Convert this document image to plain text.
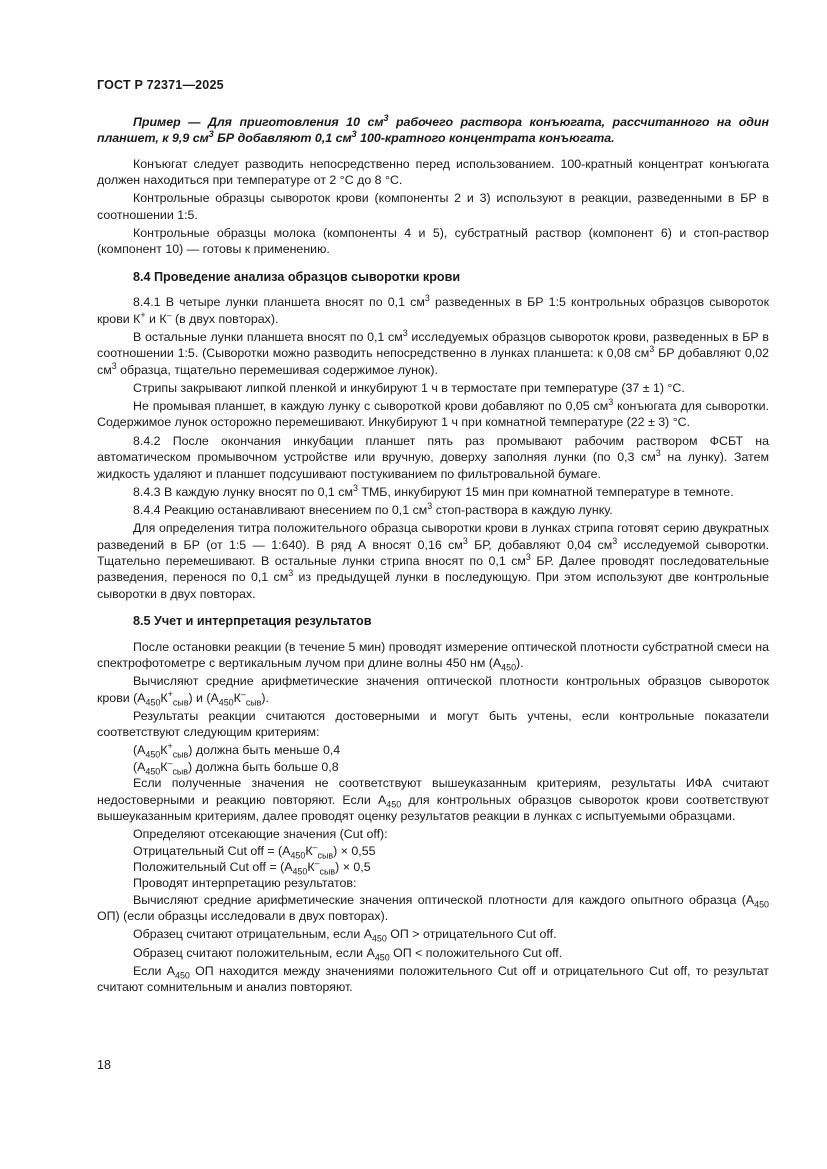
ГОСТ Р 72371—2025

Пример — Для приготовления 10 $см^3$ рабочего раствора конъюгата, рассчитанного на один планшет, к 9,9 $см^3$ БР добавляют 0,1 $см^3$ 100-кратного концентрата конъюгата.

Конъюгат следует разводить непосредственно перед использованием. 100-кратный концентрат конъюгата должен находиться при температуре от 2 °С до 8 °С.

Контрольные образцы сывороток крови (компоненты 2 и 3) используют в реакции, разведенными в БР в соотношении 1:5.

Контрольные образцы молока (компоненты 4 и 5), субстратный раствор (компонент 6) и стоп-раствор (компонент 10) — готовы к применению.

8.4 Проведение анализа образцов сыворотки крови

8.4.1 В четыре лунки планшета вносят по 0,1 $см^3$ разведенных в БР 1:5 контрольных образцов сывороток крови К+ и К– (в двух повторах).

В остальные лунки планшета вносят по 0,1 $см^3$ исследуемых образцов сывороток крови, разведенных в БР в соотношении 1:5. (Сыворотки можно разводить непосредственно в лунках планшета: к 0,08 $см^3$ БР добавляют 0,02 $см^3$ образца, тщательно перемешивая содержимое лунок).

Стрипы закрывают липкой пленкой и инкубируют 1 ч в термостате при температуре (37 ± 1) °С.

Не промывая планшет, в каждую лунку с сывороткой крови добавляют по 0,05 $см^3$ конъюгата для сыворотки. Содержимое лунок осторожно перемешивают. Инкубируют 1 ч при комнатной температуре (22 ± 3) °С.

8.4.2 После окончания инкубации планшет пять раз промывают рабочим раствором ФСБТ на автоматическом промывочном устройстве или вручную, доверху заполняя лунки (по 0,3 $см^3$ на лунку). Затем жидкость удаляют и планшет подсушивают постукиванием по фильтровальной бумаге.

8.4.3 В каждую лунку вносят по 0,1 $см^3$ ТМБ, инкубируют 15 мин при комнатной температуре в темноте.

8.4.4 Реакцию останавливают внесением по 0,1 $см^3$ стоп-раствора в каждую лунку.

Для определения титра положительного образца сыворотки крови в лунках стрипа готовят серию двукратных разведений в БР (от 1:5 — 1:640). В ряд А вносят 0,16 $см^3$ БР, добавляют 0,04 $см^3$ исследуемой сыворотки. Тщательно перемешивают. В остальные лунки стрипа вносят по 0,1 $см^3$ БР. Далее проводят последовательные разведения, перенося по 0,1 $см^3$ из предыдущей лунки в последующую. При этом используют две контрольные сыворотки в двух повторах.

8.5 Учет и интерпретация результатов

После остановки реакции (в течение 5 мин) проводят измерение оптической плотности субстратной смеси на спектрофотометре с вертикальным лучом при длине волны 450 нм $(А_{450})$.

Вычисляют средние арифметические значения оптической плотности контрольных образцов сывороток крови $(А_{450}К^+_{сыв})$ и $(А_{450}К^-_{сыв})$.

Результаты реакции считаются достоверными и могут быть учтены, если контрольные показатели соответствуют следующим критериям:

$(А_{450}К^+_{сыв})$ должна быть меньше 0,4

$(А_{450}К^-_{сыв})$ должна быть больше 0,8

Если полученные значения не соответствуют вышеуказанным критериям, результаты ИФА считают недостоверными и реакцию повторяют. Если $А_{450}$ для контрольных образцов сывороток крови соответствуют вышеуказанным критериям, далее проводят оценку результатов реакции в лунках с испытуемыми образцами.

Определяют отсекающие значения (Cut off):

Отрицательный Cut off = $(А_{450}К^-_{сыв}) \times 0,55$

Положительный Cut off = $(А_{450}К^-_{сыв}) \times 0,5$

Проводят интерпретацию результатов:

Вычисляют средние арифметические значения оптической плотности для каждого опытного образца ($А_{450}$ ОП) (если образцы исследовали в двух повторах).

Образец считают отрицательным, если $А_{450}$ ОП > отрицательного Cut off.

Образец считают положительным, если $А_{450}$ ОП < положительного Cut off.

Если $А_{450}$ ОП находится между значениями положительного Cut off и отрицательного Cut off, то результат считают сомнительным и анализ повторяют.

18
